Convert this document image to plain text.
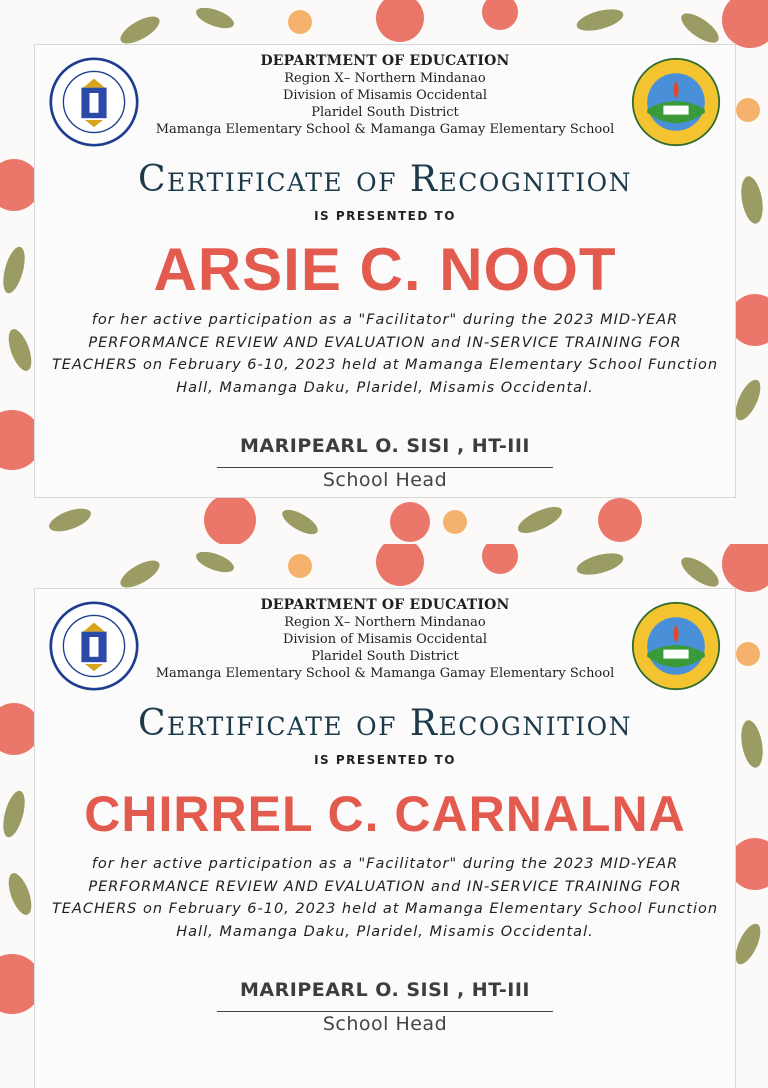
DEPARTMENT OF EDUCATION
Region X– Northern Mindanao
Division of Misamis Occidental
Plaridel South District
Mamanga Elementary School & Mamanga Gamay Elementary School
Certificate of Recognition
IS PRESENTED TO
ARSIE C. NOOT
for her active participation as a "Facilitator" during the 2023 MID-YEAR PERFORMANCE REVIEW AND EVALUATION and IN-SERVICE TRAINING FOR TEACHERS on February 6-10, 2023 held at Mamanga Elementary School Function Hall, Mamanga Daku, Plaridel, Misamis Occidental.
MARIPEARL O. SISI , HT-III
School Head
DEPARTMENT OF EDUCATION
Region X– Northern Mindanao
Division of Misamis Occidental
Plaridel South District
Mamanga Elementary School & Mamanga Gamay Elementary School
Certificate of Recognition
IS PRESENTED TO
CHIRREL C. CARNALNA
for her active participation as a "Facilitator" during the 2023 MID-YEAR PERFORMANCE REVIEW AND EVALUATION and IN-SERVICE TRAINING FOR TEACHERS on February 6-10, 2023 held at Mamanga Elementary School Function Hall, Mamanga Daku, Plaridel, Misamis Occidental.
MARIPEARL O. SISI , HT-III
School Head
